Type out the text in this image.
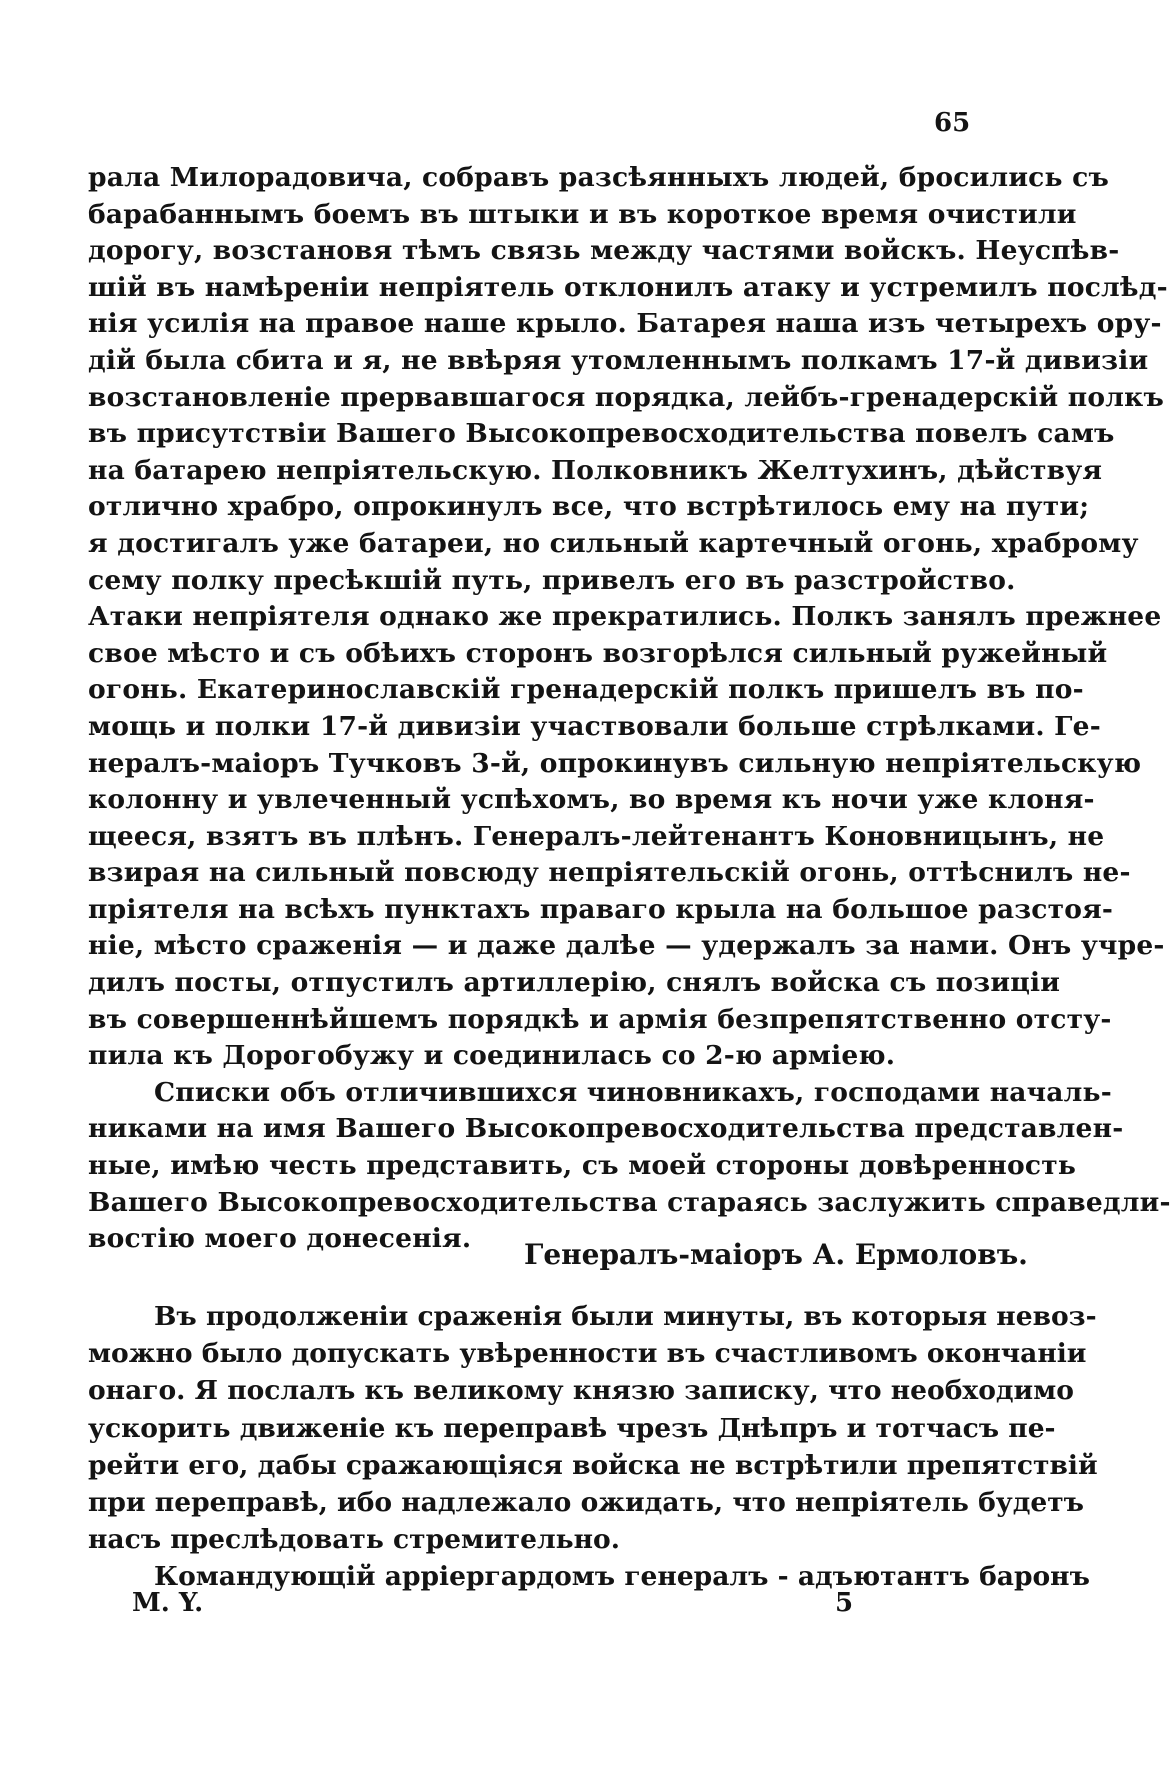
65
рала Милорадовича, собравъ разсѣянныхъ людей, бросились съ
барабаннымъ боемъ въ штыки и въ короткое время очистили
дорогу, возстановя тѣмъ связь между частями войскъ. Неуспѣв-
шій въ намѣреніи непріятель отклонилъ атаку и устремилъ послѣд-
нія усилія на правое наше крыло. Батарея наша изъ четырехъ ору-
дій была сбита и я, не ввѣряя утомленнымъ полкамъ 17-й дивизіи
возстановленіе прервавшагося порядка, лейбъ-гренадерскій полкъ
въ присутствіи Вашего Высокопревосходительства повелъ самъ
на батарею непріятельскую. Полковникъ Желтухинъ, дѣйствуя
отлично храбро, опрокинулъ все, что встрѣтилось ему на пути;
я достигалъ уже батареи, но сильный картечный огонь, храброму
сему полку пресѣкшій путь, привелъ его въ разстройство.
Атаки непріятеля однако же прекратились. Полкъ занялъ прежнее
свое мѣсто и съ обѣихъ сторонъ возгорѣлся сильный ружейный
огонь. Екатеринославскій гренадерскій полкъ пришелъ въ по-
мощь и полки 17-й дивизіи участвовали больше стрѣлками. Ге-
нералъ-маіоръ Тучковъ 3-й, опрокинувъ сильную непріятельскую
колонну и увлеченный успѣхомъ, во время къ ночи уже клоня-
щееся, взятъ въ плѣнъ. Генералъ-лейтенантъ Коновницынъ, не
взирая на сильный повсюду непріятельскій огонь, оттѣснилъ не-
пріятеля на всѣхъ пунктахъ праваго крыла на большое разстоя-
ніе, мѣсто сраженія — и даже далѣе — удержалъ за нами. Онъ учре-
дилъ посты, отпустилъ артиллерію, снялъ войска съ позиціи
въ совершеннѣйшемъ порядкѣ и армія безпрепятственно отсту-
пила къ Дорогобужу и соединилась со 2-ю арміею.
Списки объ отличившихся чиновникахъ, господами началь-
никами на имя Вашего Высокопревосходительства представлен-
ные, имѣю честь представить, съ моей стороны довѣренность
Вашего Высокопревосходительства стараясь заслужить справедли-
востію моего донесенія.	Генералъ-маіоръ А. Ермоловъ.
Въ продолженіи сраженія были минуты, въ которыя невоз-
можно было допускать увѣренности въ счастливомъ окончаніи
онаго. Я послалъ къ великому князю записку, что необходимо
ускорить движеніе къ переправѣ чрезъ Днѣпръ и тотчасъ пе-
рейти его, дабы сражающіяся войска не встрѣтили препятствій
при переправѣ, ибо надлежало ожидать, что непріятель будетъ
насъ преслѣдовать стремительно.
Командующій арріергардомъ генералъ - адъютантъ баронъ
М. Y.	5
